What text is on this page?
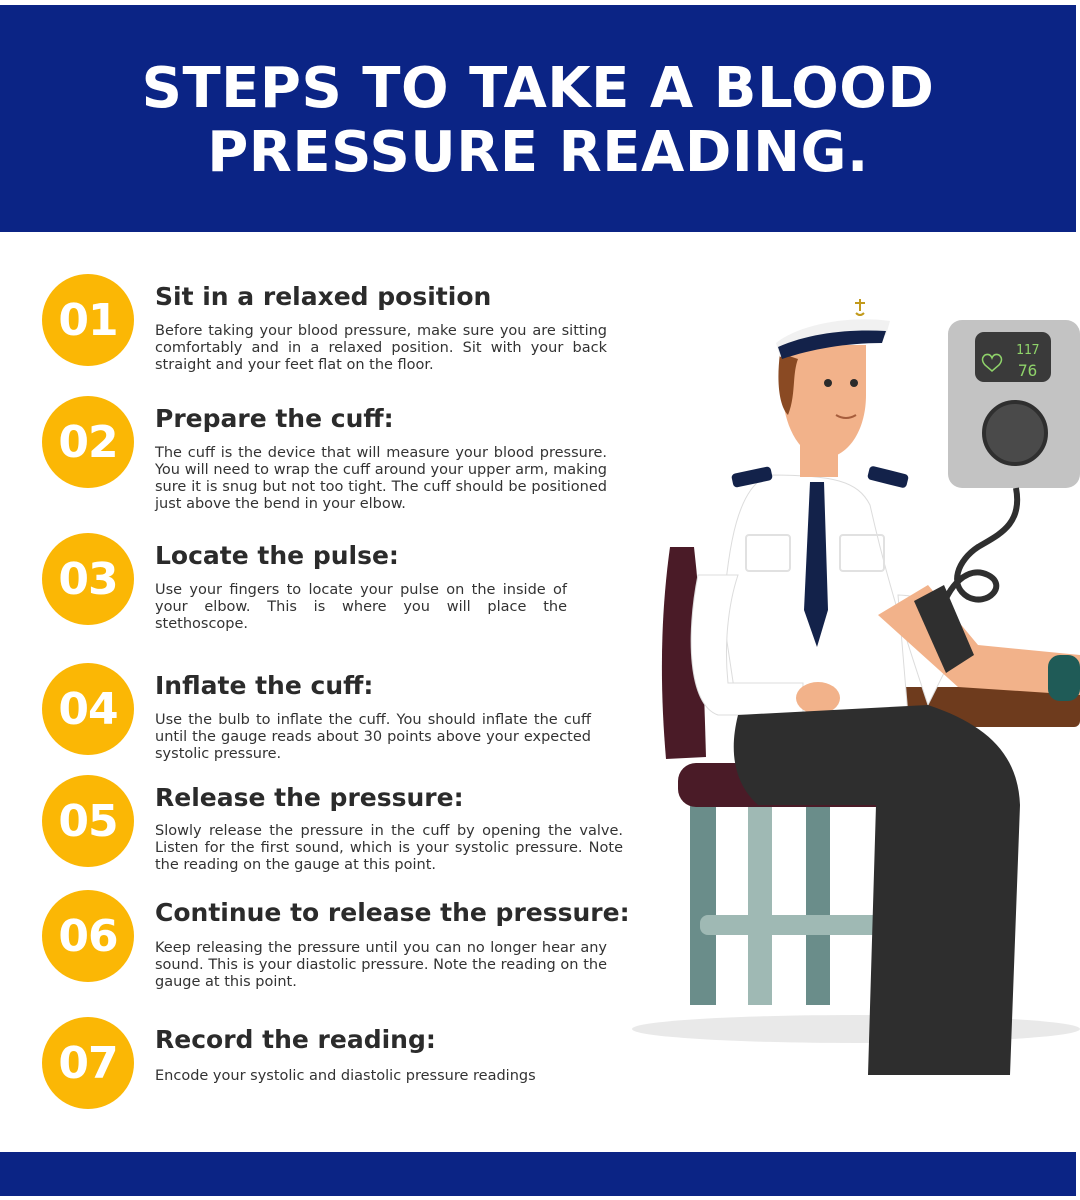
STEPS TO TAKE A BLOOD PRESSURE READING.
01	Sit in a relaxed position

Before taking your blood pressure, make sure you are sitting comfortably and in a relaxed position. Sit with your back straight and your feet flat on the floor.

02	Prepare the cuff:

The cuff is the device that will measure your blood pressure. You will need to wrap the cuff around your upper arm, making sure it is snug but not too tight. The cuff should be positioned just above the bend in your elbow.

03	Locate the pulse:

Use your fingers to locate your pulse on the inside of your elbow. This is where you will place the stethoscope.

04	Inflate the cuff:

Use the bulb to inflate the cuff. You should inflate the cuff until the gauge reads about 30 points above your expected systolic pressure.

05	Release the pressure:

Slowly release the pressure in the cuff by opening the valve. Listen for the first sound, which is your systolic pressure. Note the reading on the gauge at this point.

06	Continue to release the pressure:

Keep releasing the pressure until you can no longer hear any sound. This is your diastolic pressure. Note the reading on the gauge at this point.

07	Record the reading:

Encode your systolic and diastolic pressure readings

117
76
